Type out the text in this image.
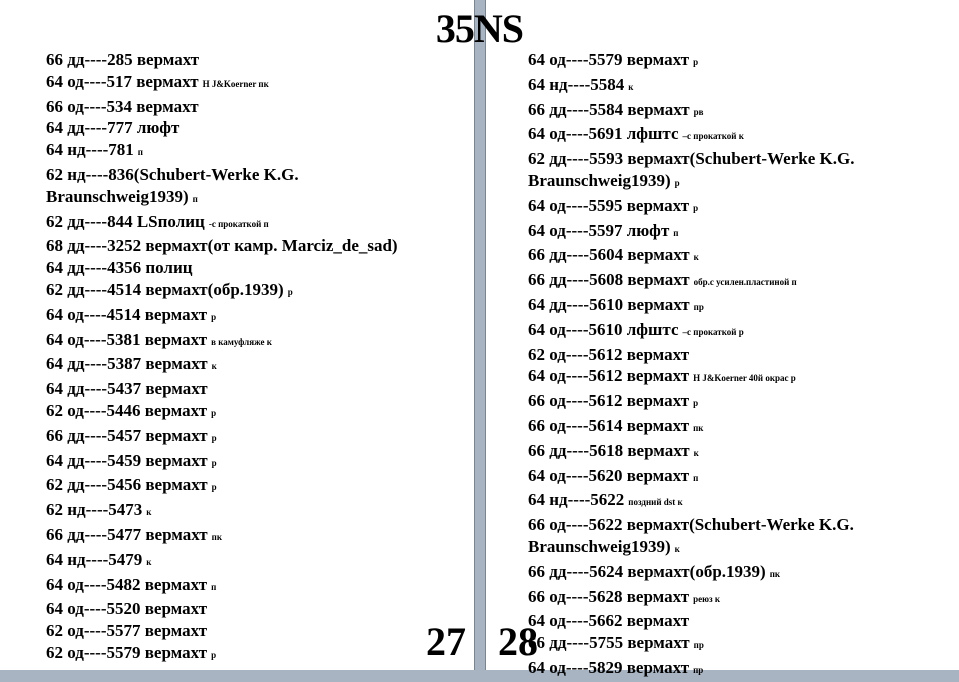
35NS
66 дд----285 вермахт
64 од----517 вермахт H J&Koerner пк
66 од----534 вермахт
64 дд----777 люфт
64 нд----781 п
62 нд----836(Schubert-Werke K.G.
Braunschweig1939) п
62 дд----844 LSполиц -с прокаткой п
68 дд----3252 вермахт(от камр. Marciz_de_sad)
64 дд----4356 полиц
62 дд----4514 вермахт(обр.1939) р
64 од----4514 вермахт р
64 од----5381 вермахт в камуфляже к
64 дд----5387 вермахт к
64 дд----5437 вермахт
62 од----5446 вермахт р
66 дд----5457 вермахт р
64 дд----5459 вермахт р
62 дд----5456 вермахт р
62 нд----5473 к
66 дд----5477 вермахт пк
64 нд----5479 к
64 од----5482 вермахт п
64 од----5520 вермахт
62 од----5577 вермахт
62 од----5579 вермахт р	27
64 од----5579 вермахт р
64 нд----5584 к
66 дд----5584 вермахт рв
64 од----5691 лфштс –с прокаткой к
62 дд----5593 вермахт(Schubert-Werke K.G.
Braunschweig1939) р
64 од----5595 вермахт р
64 од----5597 люфт п
66 дд----5604 вермахт к
66 дд----5608 вермахт обр.с усилен.пластиной п
64 дд----5610 вермахт пр
64 од----5610 лфштс –с прокаткой р
62 од----5612 вермахт
64 од----5612 вермахт H J&Koerner 40й окрас р
66 од----5612 вермахт р
66 од----5614 вермахт пк
66 дд----5618 вермахт к
64 од----5620 вермахт п
64 нд----5622 поздний dst к
66 од----5622 вермахт(Schubert-Werke K.G.
Braunschweig1939) к
66 дд----5624 вермахт(обр.1939) пк
66 од----5628 вермахт реюз к
64 од----5662 вермахт
66 дд----5755 вермахт пр
64 од----5829 вермахт пр
28
